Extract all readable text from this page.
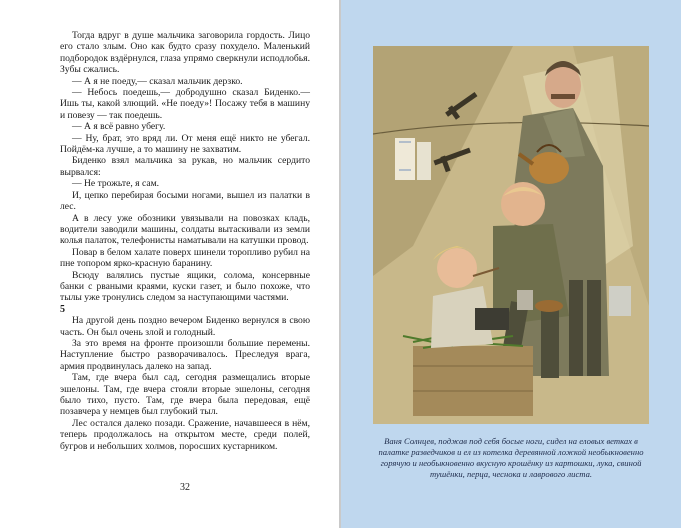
Тогда вдруг в душе мальчика заговорила гордость. Лицо его стало злым. Оно как будто сразу похудело. Маленький подбородок вздёрнулся, глаза упрямо сверкнули исподлобья. Зубы сжались.

— А я не поеду,— сказал мальчик дерзко.

— Небось поедешь,— добродушно сказал Биденко.— Ишь ты, какой злющий. «Не поеду»! Посажу тебя в машину и повезу — так поедешь.

— А я всё равно убегу.

— Ну, брат, это вряд ли. От меня ещё никто не убегал. Пойдём-ка лучше, а то машину не захватим.

Биденко взял мальчика за рукав, но мальчик сердито вырвался:

— Не трожьте, я сам.

И, цепко перебирая босыми ногами, вышел из палатки в лес.

А в лесу уже обозники увязывали на повозках кладь, водители заводили машины, солдаты вытаскивали из земли колья палаток, телефонисты наматывали на катушки провод.

Повар в белом халате поверх шинели торопливо рубил на пне топором ярко-красную баранину.

Всюду валялись пустые ящики, солома, консервные банки с рваными краями, куски газет, и было похоже, что тылы уже тронулись следом за наступающими частями.

5

На другой день поздно вечером Биденко вернулся в свою часть. Он был очень злой и голодный.

За это время на фронте произошли большие перемены. Наступление быстро разворачивалось. Преследуя врага, армия продвинулась далеко на запад.

Там, где вчера был сад, сегодня размещались вторые эшелоны. Там, где вчера стояли вторые эшелоны, сегодня было тихо, пусто. Там, где вчера была передовая, ещё позавчера у немцев был глубокий тыл.

Лес остался далеко позади. Сражение, начавшееся в нём, теперь продолжалось на открытом месте, среди полей, бугров и небольших холмов, поросших кустарником.

32
Ваня Солнцев, поджав под себя босые ноги, сидел на еловых ветках в палатке разведчиков и ел из котелка деревянной ложкой необыкновенно горячую и необыкновенно вкусную крошёнку из картошки, лука, свиной тушёнки, перца, чеснока и лаврового листа.
